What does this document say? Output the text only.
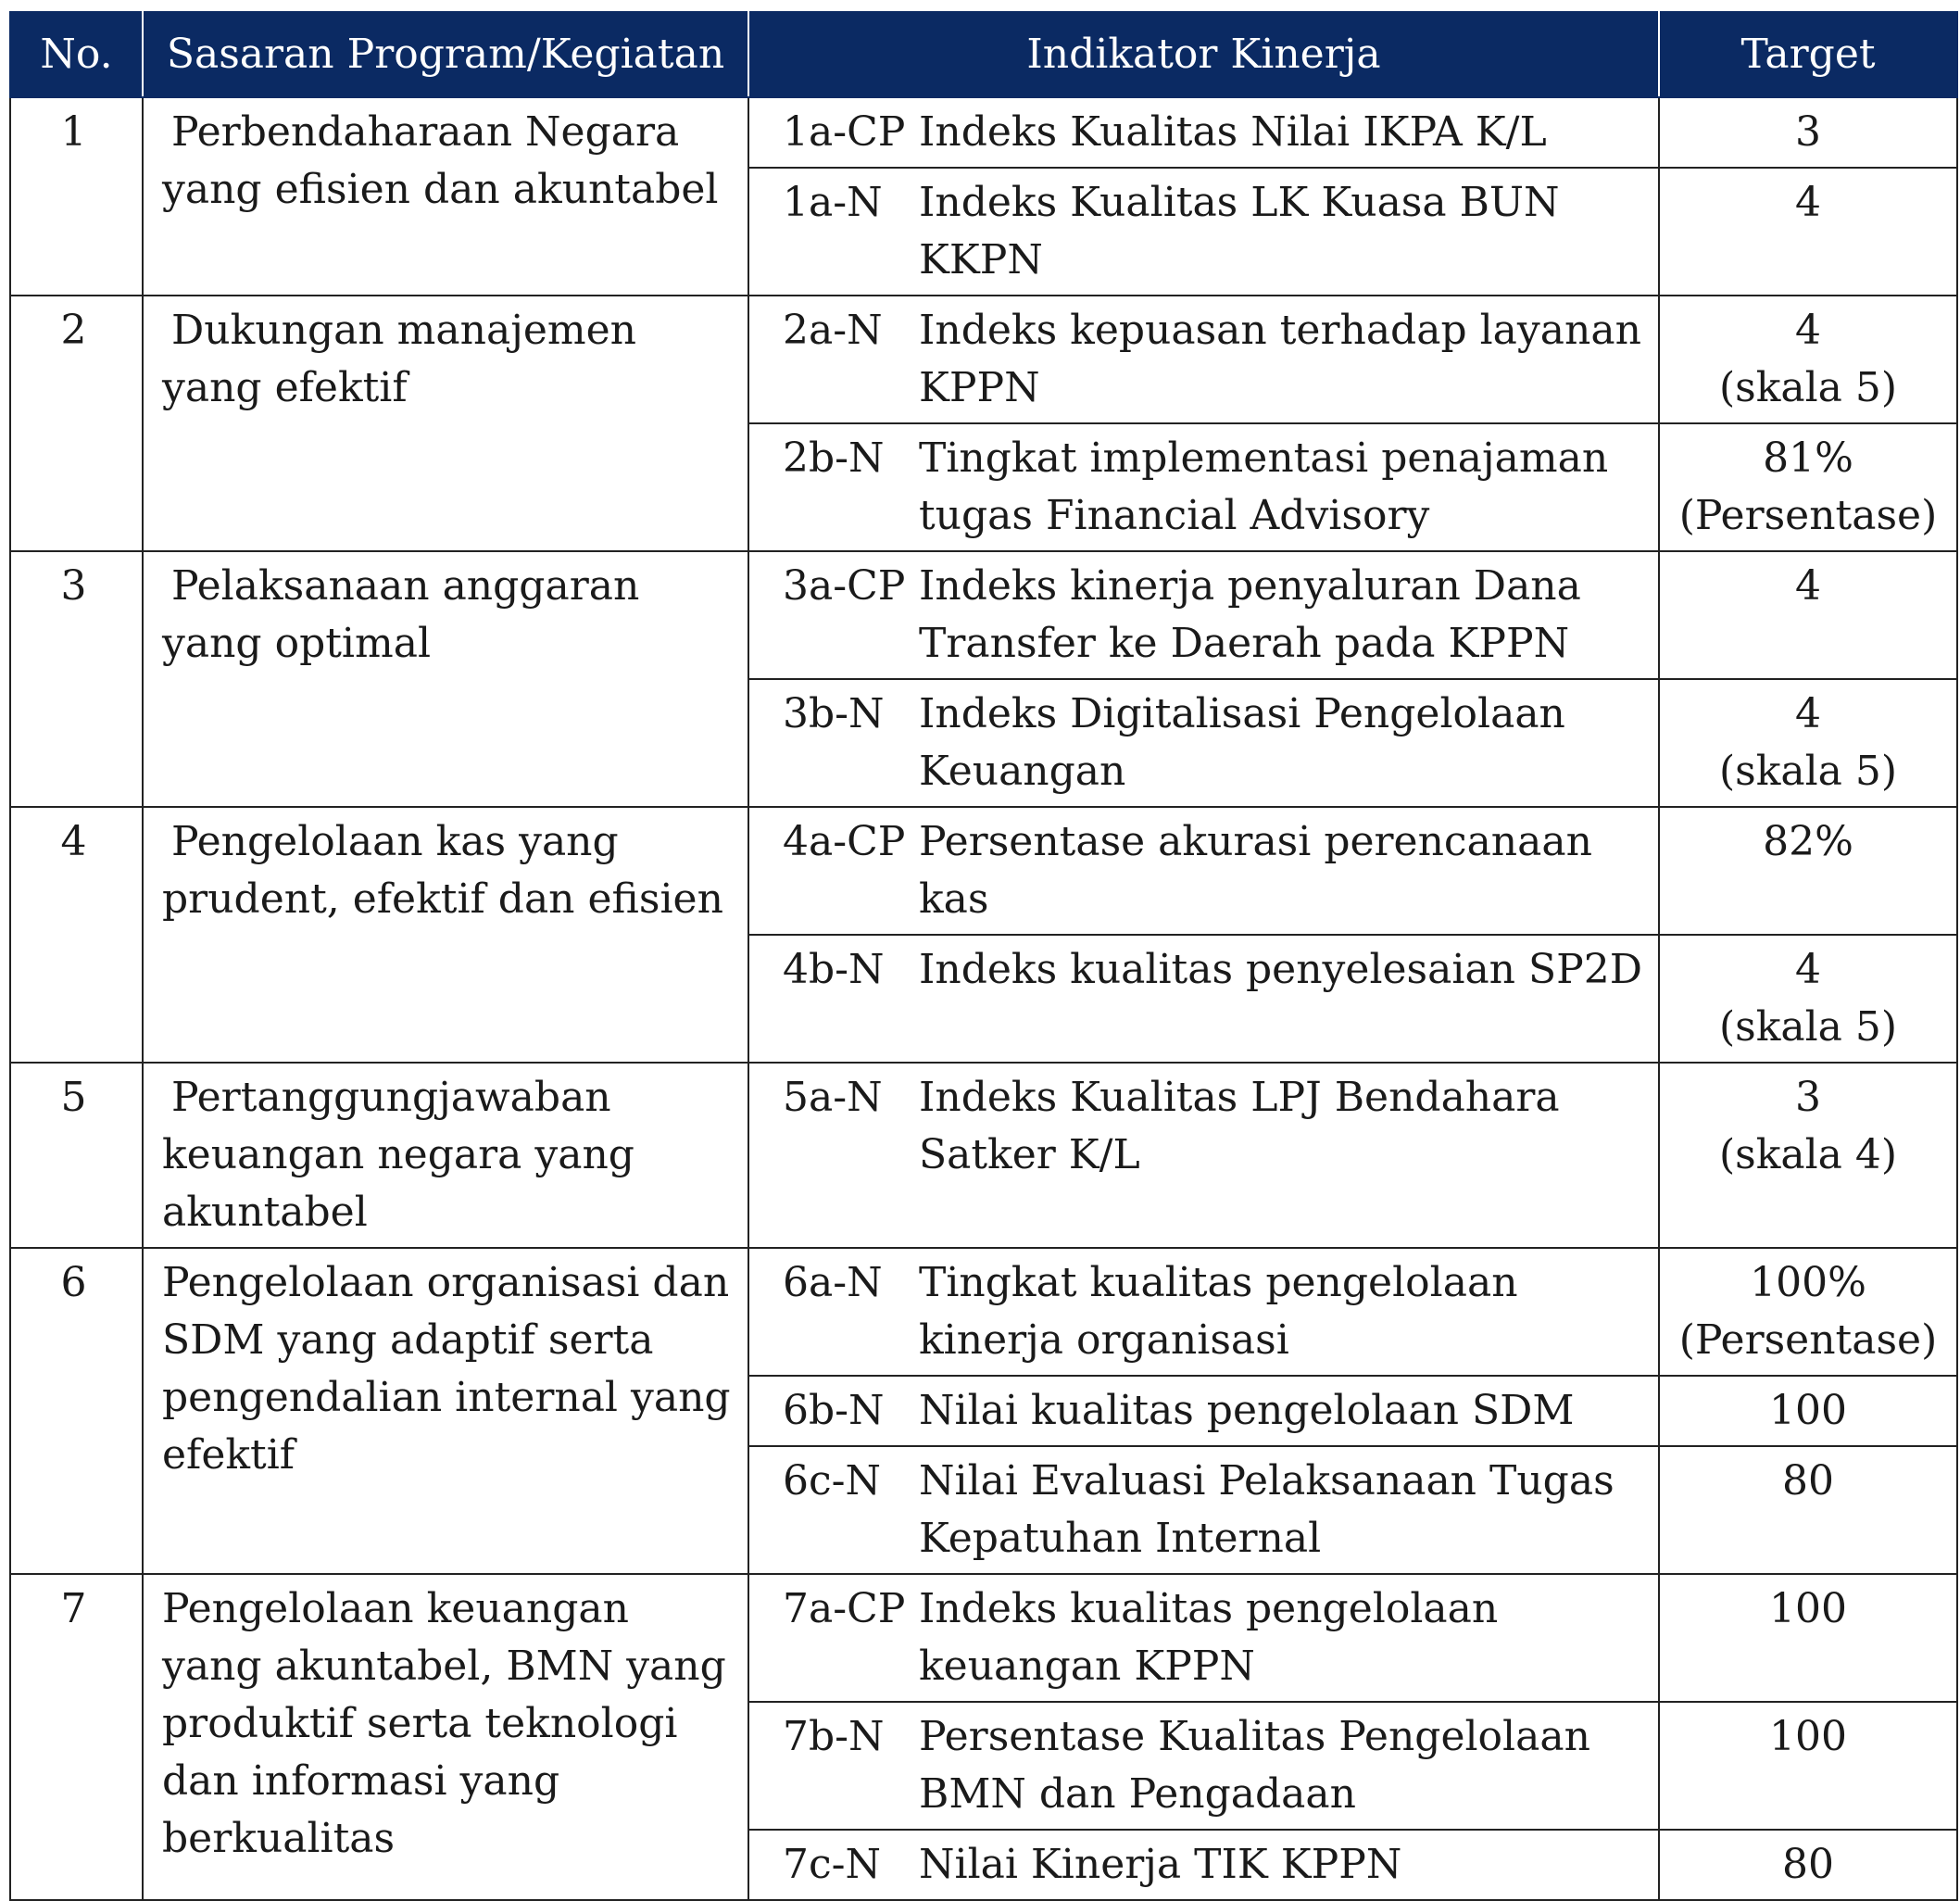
No.	Sasaran Program/Kegiatan	Indikator Kinerja		Target
1	Perbendaharaan Negara yang efisien dan akuntabel	1a-CP	Indeks Kualitas Nilai IKPA K/L	3

		1a-N	Indeks Kualitas LK Kuasa BUN KKPN	4

2	Dukungan manajemen yang efektif	2a-N	Indeks kepuasan terhadap layanan KPPN	4
(skala 5)

		2b-N	Tingkat implementasi penajaman tugas Financial Advisory	81%
(Persentase)

3	Pelaksanaan anggaran yang optimal	3a-CP	Indeks kinerja penyaluran Dana Transfer ke Daerah pada KPPN	4

		3b-N	Indeks Digitalisasi Pengelolaan Keuangan	4
(skala 5)

4	Pengelolaan kas yang prudent, efektif dan efisien	4a-CP	Persentase akurasi perencanaan kas	82%

		4b-N	Indeks kualitas penyelesaian SP2D	4
(skala 5)

5	Pertanggungjawaban keuangan negara yang akuntabel	5a-N	Indeks Kualitas LPJ Bendahara Satker K/L	3
(skala 4)

6	Pengelolaan organisasi dan SDM yang adaptif serta pengendalian internal yang efektif	6a-N	Tingkat kualitas pengelolaan kinerja organisasi	100%
(Persentase)

		6b-N	Nilai kualitas pengelolaan SDM	100

		6c-N	Nilai Evaluasi Pelaksanaan Tugas Kepatuhan Internal	80

7	Pengelolaan keuangan yang akuntabel, BMN yang produktif serta teknologi dan informasi yang berkualitas	7a-CP	Indeks kualitas pengelolaan keuangan KPPN	100

		7b-N	Persentase Kualitas Pengelolaan BMN dan Pengadaan	100

		7c-N	Nilai Kinerja TIK KPPN	80
